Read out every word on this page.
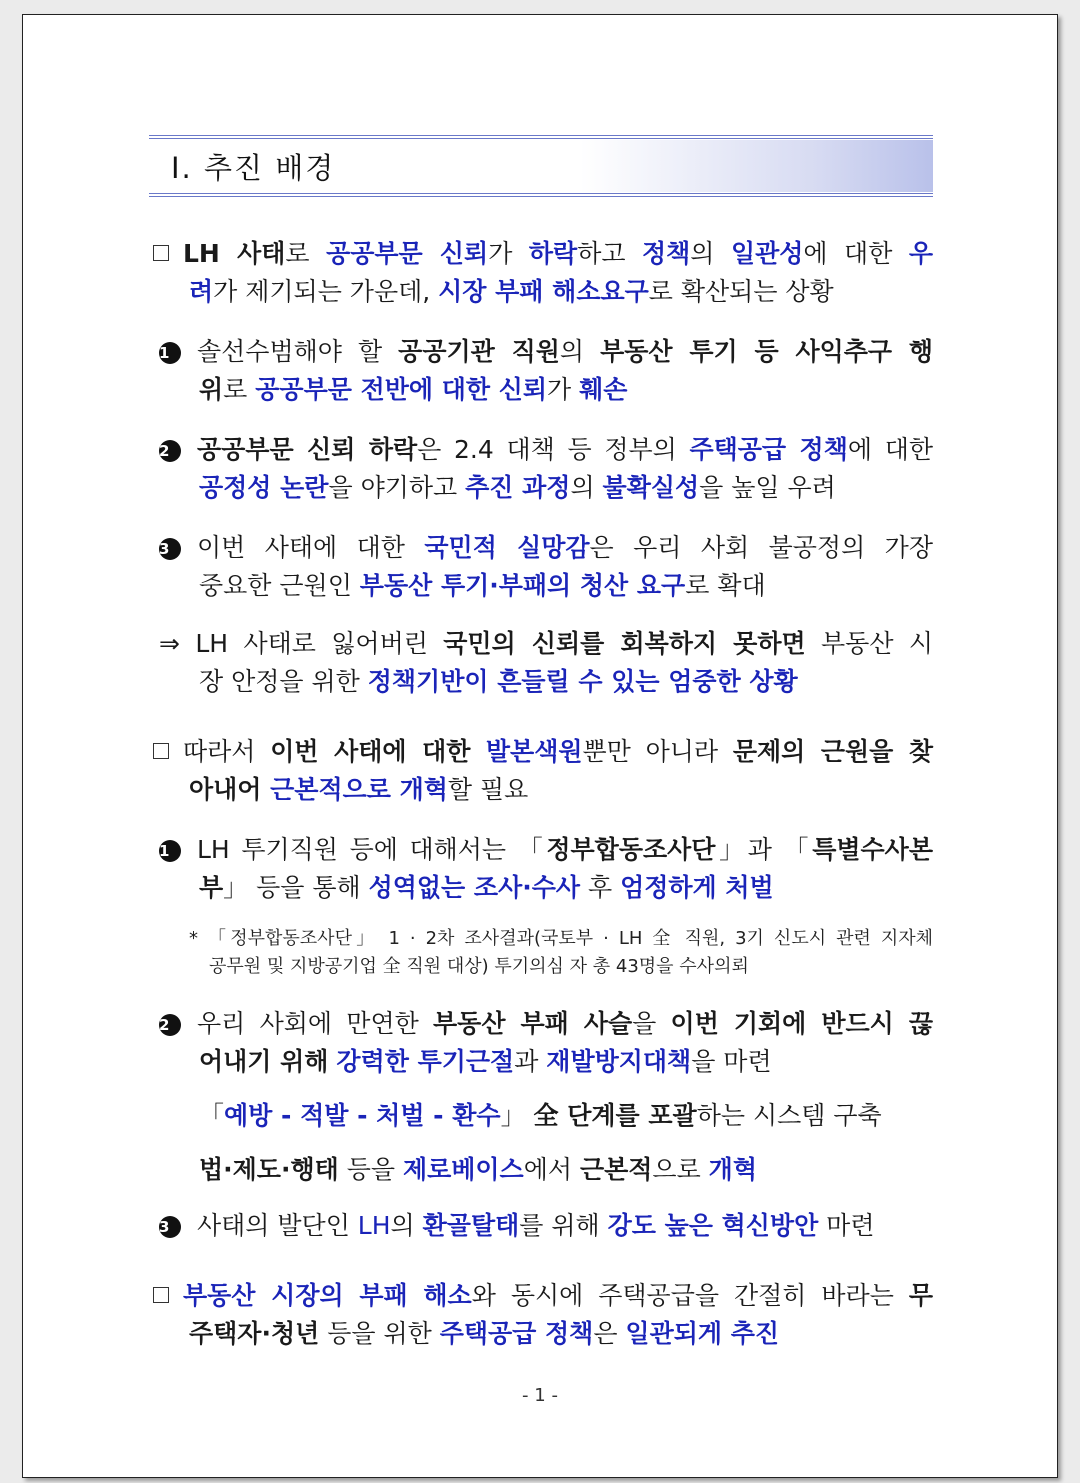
Ⅰ. 추진 배경
LH 사태로 공공부문 신뢰가 하락하고 정책의 일관성에 대한 우
려가 제기되는 가운데, 시장 부패 해소요구로 확산되는 상황
1 솔선수범해야 할 공공기관 직원의 부동산 투기 등 사익추구 행
위로 공공부문 전반에 대한 신뢰가 훼손
2 공공부문 신뢰 하락은 2.4 대책 등 정부의 주택공급 정책에 대한
공정성 논란을 야기하고 추진 과정의 불확실성을 높일 우려
3 이번 사태에 대한 국민적 실망감은 우리 사회 불공정의 가장
중요한 근원인 부동산 투기·부패의 청산 요구로 확대
⇒ LH 사태로 잃어버린 국민의 신뢰를 회복하지 못하면 부동산 시
장 안정을 위한 정책기반이 흔들릴 수 있는 엄중한 상황
따라서 이번 사태에 대한 발본색원뿐만 아니라 문제의 근원을 찾
아내어 근본적으로 개혁할 필요
1 LH 투기직원 등에 대해서는 「정부합동조사단」과 「특별수사본
부」 등을 통해 성역없는 조사·수사 후 엄정하게 처벌
* 「정부합동조사단」 1 · 2차 조사결과(국토부 · LH 全 직원, 3기 신도시 관련 지자체
공무원 및 지방공기업 全 직원 대상) 투기의심 자 총 43명을 수사의뢰
2 우리 사회에 만연한 부동산 부패 사슬을 이번 기회에 반드시 끊
어내기 위해 강력한 투기근절과 재발방지대책을 마련
「예방 - 적발 - 처벌 - 환수」 全 단계를 포괄하는 시스템 구축
법·제도·행태 등을 제로베이스에서 근본적으로 개혁
3 사태의 발단인 LH의 환골탈태를 위해 강도 높은 혁신방안 마련
부동산 시장의 부패 해소와 동시에 주택공급을 간절히 바라는 무
주택자·청년 등을 위한 주택공급 정책은 일관되게 추진
- 1 -
